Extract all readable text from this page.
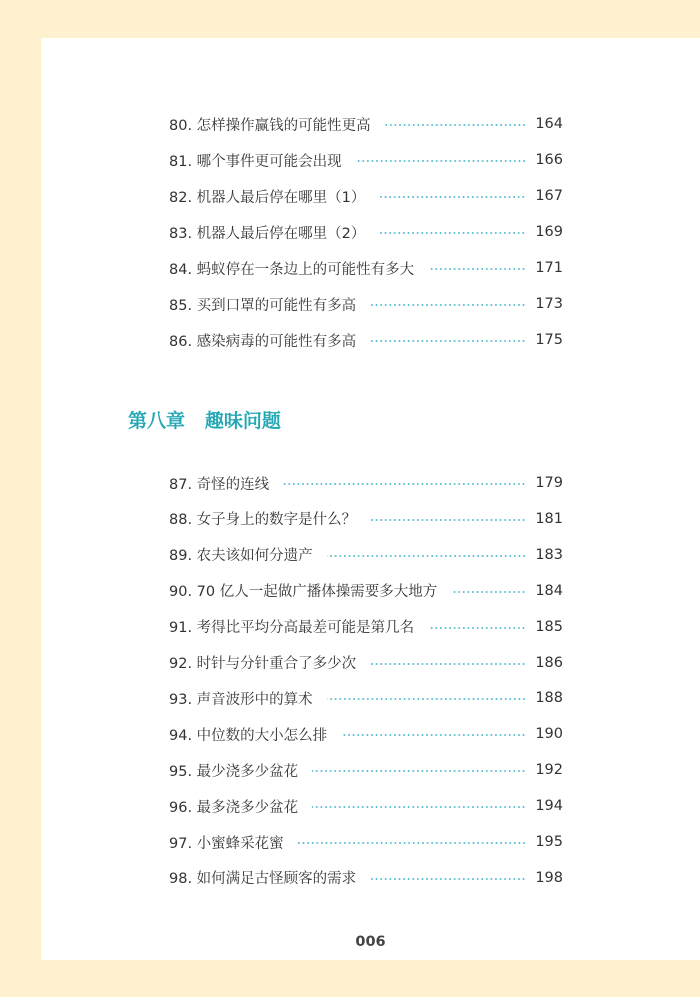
80. 怎样操作赢钱的可能性更高	164
81. 哪个事件更可能会出现	166
82. 机器人最后停在哪里（1）	167
83. 机器人最后停在哪里（2）	169
84. 蚂蚁停在一条边上的可能性有多大	171
85. 买到口罩的可能性有多高	173
86. 感染病毒的可能性有多高	175
第八章   趣味问题
87. 奇怪的连线	179
88. 女子身上的数字是什么？	181
89. 农夫该如何分遗产	183
90. 70 亿人一起做广播体操需要多大地方	184
91. 考得比平均分高最差可能是第几名	185
92. 时针与分针重合了多少次	186
93. 声音波形中的算术	188
94. 中位数的大小怎么排	190
95. 最少浇多少盆花	192
96. 最多浇多少盆花	194
97. 小蜜蜂采花蜜	195
98. 如何满足古怪顾客的需求	198
006
